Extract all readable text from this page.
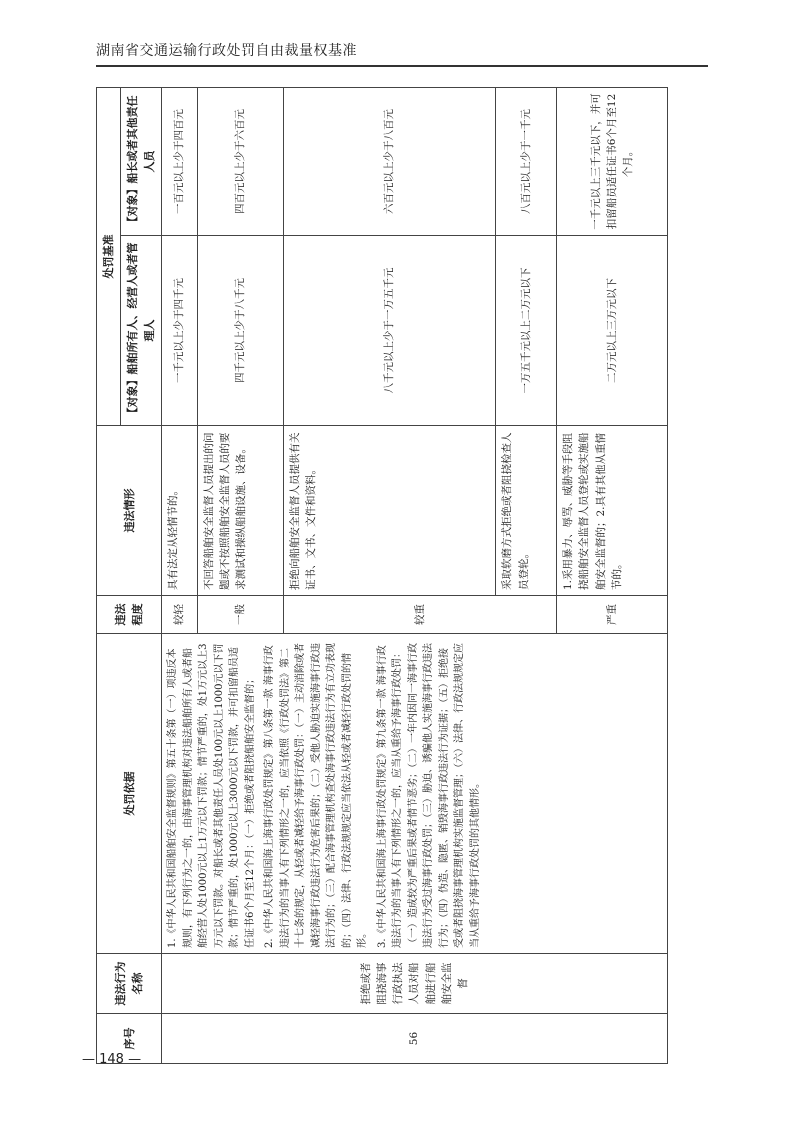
湖南省交通运输行政处罚自由裁量权基准
序号	违法行为名称	处罚依据	违法程度	违法情形	处罚基准	
					【对象】船舶所有人、经营人或者管理人	【对象】船长或者其他责任人员
56	拒绝或者阻挠海事行政执法人员对船舶进行船舶安全监督	1.《中华人民共和国船舶安全监督规则》第五十条第（一）项违反本规则，有下列行为之一的，由海事管理机构对违法船舶所有人或者船舶经营人处1000元以上1万元以下罚款；情节严重的，处1万元以上3万元以下罚款。对船长或者其他责任人员处100元以上1000元以下罚款；情节严重的，处1000元以上3000元以下罚款，并可扣留船员适任证书6个月至12个月：（一）拒绝或者阻挠船舶安全监督的； 2.《中华人民共和国海上海事行政处罚规定》第八条第一款 海事行政违法行为的当事人有下列情形之一的，应当依照《行政处罚法》第二十七条的规定，从轻或者减轻给予海事行政处罚：（一）主动消除或者减轻海事行政违法行为危害后果的；（二）受他人胁迫实施海事行政违法行为的；（三）配合海事管理机构查处海事行政违法行为有立功表现的；（四）法律、行政法规规定应当依法从轻或者减轻行政处罚的情形。 3.《中华人民共和国海上海事行政处罚规定》第九条第一款 海事行政违法行为的当事人有下列情形之一的，应当从重给予海事行政处罚：（一）造成较为严重后果或者情节恶劣；（二）一年内因同一海事行政违法行为受过海事行政处罚；（三）胁迫、诱骗他人实施海事行政违法行为；（四）伪造、隐匿、销毁海事行政违法行为证据；（五）拒绝接受或者阻挠海事管理机构实施监督管理；（六）法律、行政法规规定应当从重给予海事行政处罚的其他情形。	较轻	具有法定从轻情节的。	一千元以上少于四千元	一百元以上少于四百元
			一般	不回答船舶安全监督人员提出的问题或不按照船舶安全监督人员的要求测试和操纵船舶设施、设备。	四千元以上少于八千元	四百元以上少于六百元
			较重	拒绝向船舶安全监督人员提供有关证书、文书、文件和资料。	八千元以上少于一万五千元	六百元以上少于八百元
				采取软磨方式拒绝或者阻挠检查人员登轮。	一万五千元以上二万元以下	八百元以上少于一千元
			严重	1.采用暴力、辱骂、威胁等手段阻挠船舶安全监督人员登轮或实施船舶安全监督的；2.具有其他从重情节的。	二万元以上三万元以下	一千元以上三千元以下，并可扣留船员适任证书6个月至12个月。
— 148 —
